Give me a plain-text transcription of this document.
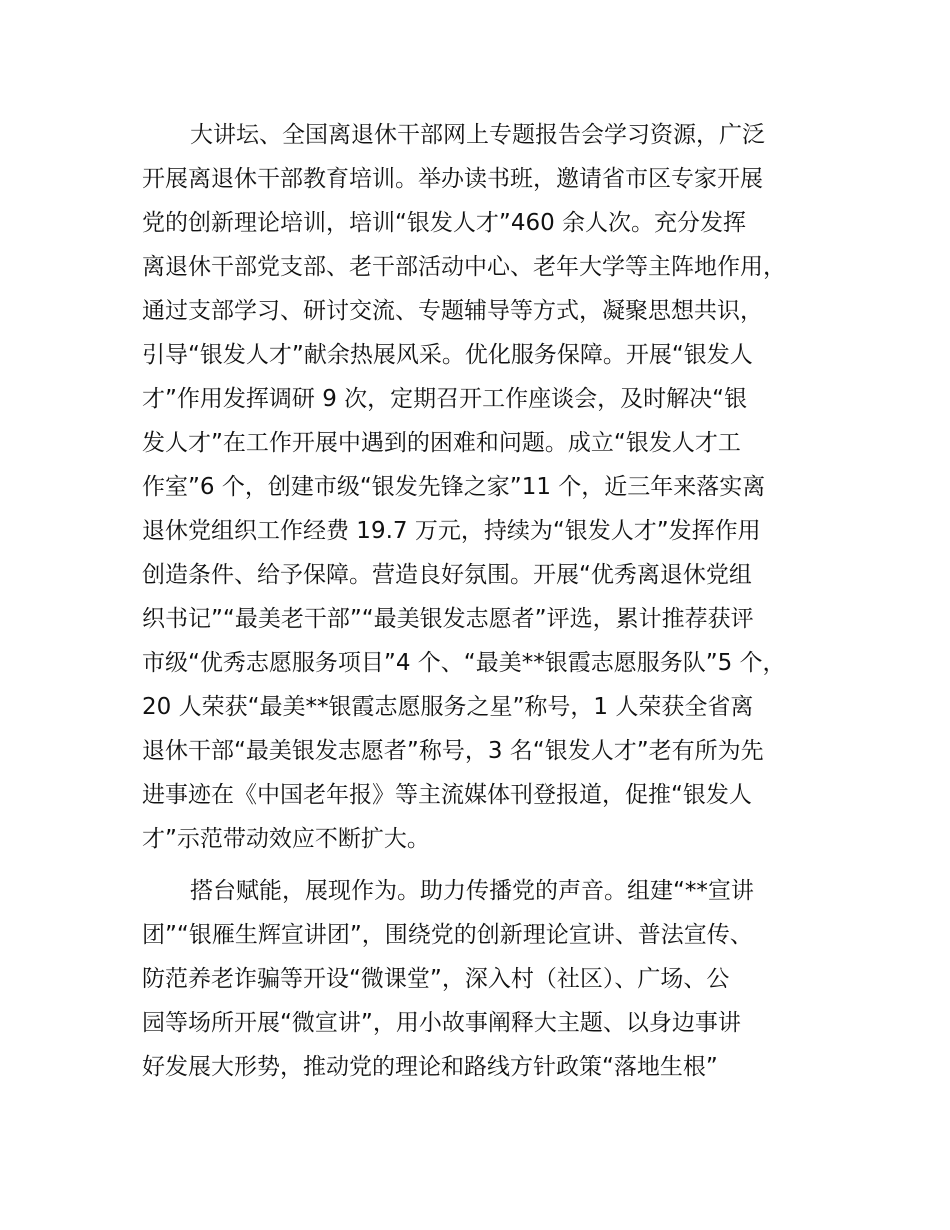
大讲坛、全国离退休干部网上专题报告会学习资源，广泛

开展离退休干部教育培训。举办读书班，邀请省市区专家开展

党的创新理论培训，培训“银发人才”460 余人次。充分发挥

离退休干部党支部、老干部活动中心、老年大学等主阵地作用，

通过支部学习、研讨交流、专题辅导等方式，凝聚思想共识，

引导“银发人才”献余热展风采。优化服务保障。开展“银发人

才”作用发挥调研 9 次，定期召开工作座谈会，及时解决“银

发人才”在工作开展中遇到的困难和问题。成立“银发人才工

作室”6 个，创建市级“银发先锋之家”11 个，近三年来落实离

退休党组织工作经费 19.7 万元，持续为“银发人才”发挥作用

创造条件、给予保障。营造良好氛围。开展“优秀离退休党组

织书记”“最美老干部”“最美银发志愿者”评选，累计推荐获评

市级“优秀志愿服务项目”4 个、“最美**银霞志愿服务队”5 个，

20 人荣获“最美**银霞志愿服务之星”称号，1 人荣获全省离

退休干部“最美银发志愿者”称号，3 名“银发人才”老有所为先

进事迹在《中国老年报》等主流媒体刊登报道，促推“银发人

才”示范带动效应不断扩大。

搭台赋能，展现作为。助力传播党的声音。组建“**宣讲

团”“银雁生辉宣讲团”，围绕党的创新理论宣讲、普法宣传、

防范养老诈骗等开设“微课堂”，深入村（社区）、广场、公

园等场所开展“微宣讲”，用小故事阐释大主题、以身边事讲

好发展大形势，推动党的理论和路线方针政策“落地生根”
